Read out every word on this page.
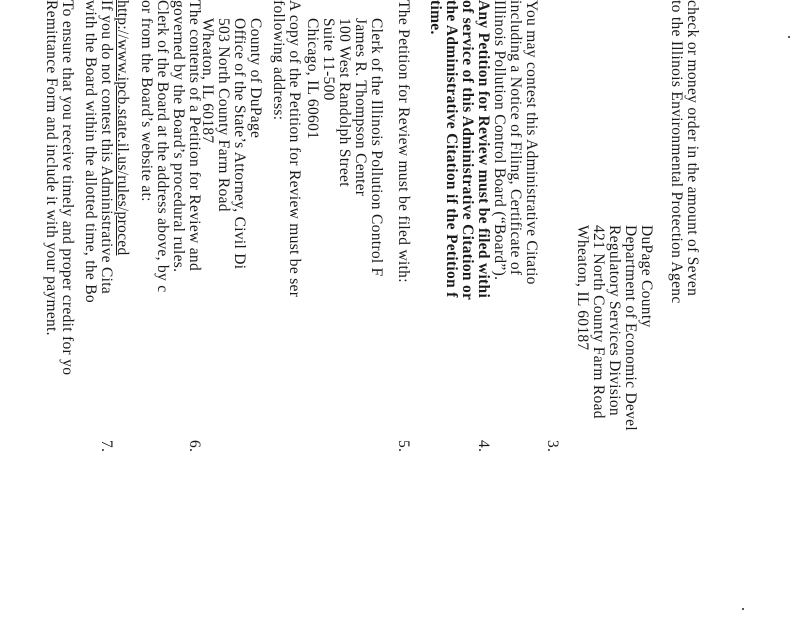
check or money order in the amount of Seven
to the Illinois Environmental Protection Agenc
DuPage County
Department of Economic Devel
Regulatory Services Division
421 North County Farm Road
Wheaton, IL 60187
3.
You may contest this Administrative Citatio
including a Notice of Filing, Certificate of
Illinois Pollution Control Board (“Board”).
4.
Any Petition for Review must be filed withi
of service of this Administrative Citation or
the Administrative Citation if the Petition f
time.
5.
The Petition for Review must be filed with:
Clerk of the Illinois Pollution Control F
James R. Thompson Center
100 West Randolph Street
Suite 11-500
Chicago, IL 60601
A copy of the Petition for Review must be ser
following address:
County of DuPage
Office of the State’s Attorney, Civil Di
503 North County Farm Road
Wheaton, IL 60187
6.
The contents of a Petition for Review and
governed by the Board’s procedural rules.
Clerk of the Board at the address above, by c
or from the Board’s website at:
http://www.ipcb.state.il.us/rules/proced
7.
If you do not contest this Administrative Cita
with the Board within the allotted time, the Bo
To ensure that you receive timely and proper credit for yo
Remittance Form and include it with your payment.
